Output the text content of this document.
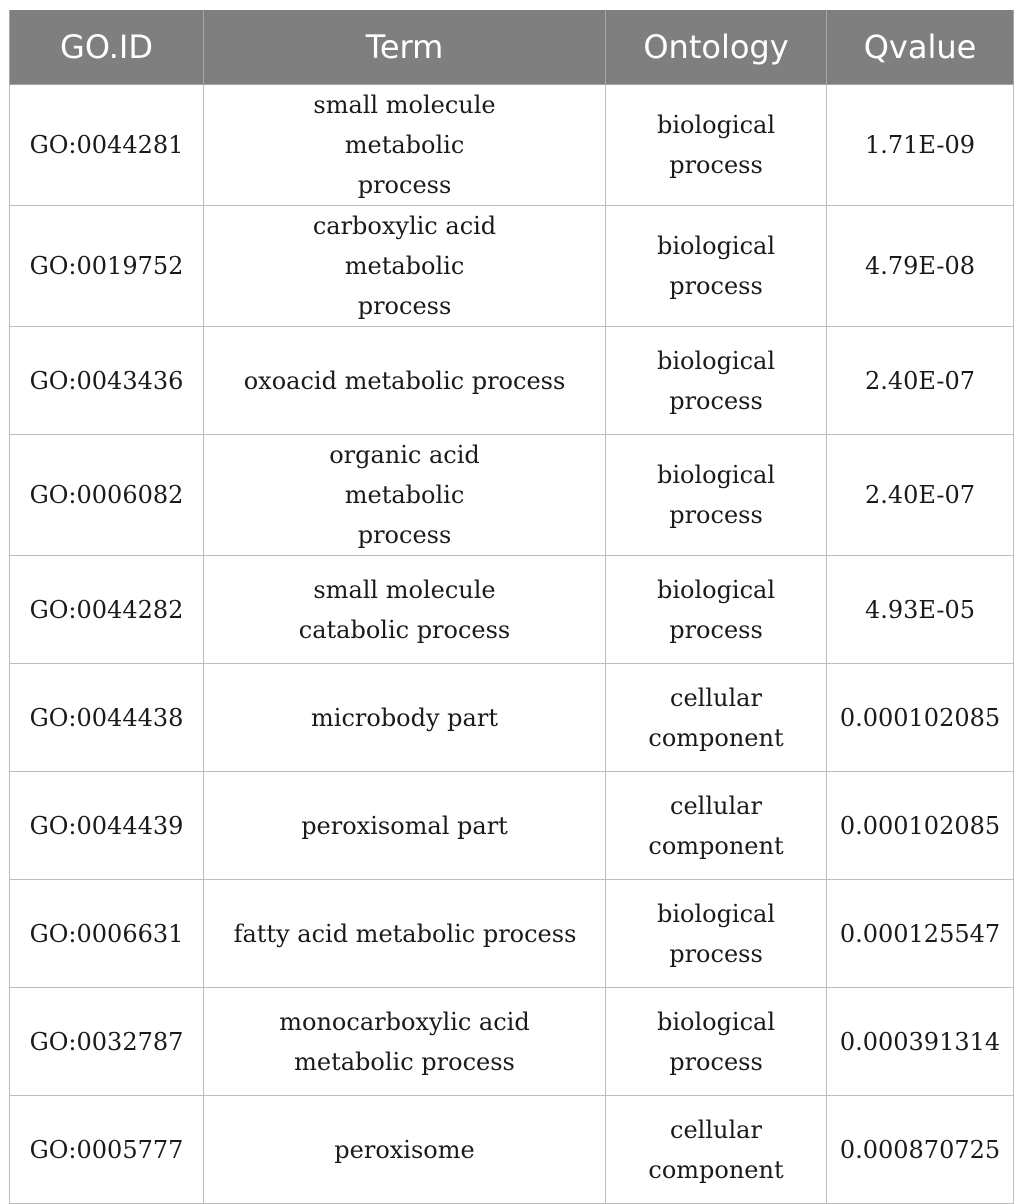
GO.ID	Term	Ontology	Qvalue
GO:0044281	small molecule metabolic process	biological process	1.71E-09
GO:0019752	carboxylic acid metabolic process	biological process	4.79E-08
GO:0043436	oxoacid metabolic process	biological process	2.40E-07
GO:0006082	organic acid metabolic process	biological process	2.40E-07
GO:0044282	small molecule catabolic process	biological process	4.93E-05
GO:0044438	microbody part	cellular component	0.000102085
GO:0044439	peroxisomal part	cellular component	0.000102085
GO:0006631	fatty acid metabolic process	biological process	0.000125547
GO:0032787	monocarboxylic acid metabolic process	biological process	0.000391314
GO:0005777	peroxisome	cellular component	0.000870725
